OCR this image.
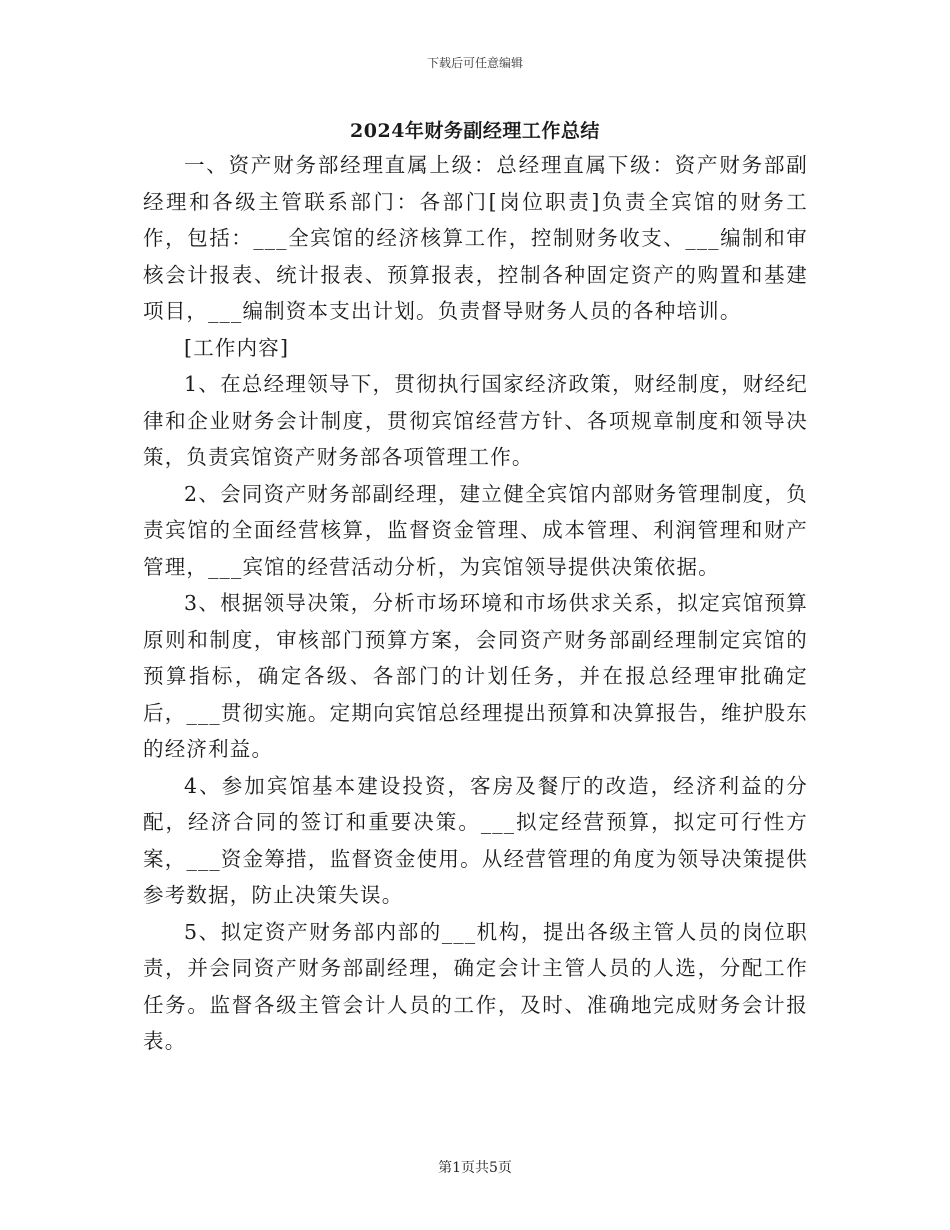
下载后可任意编辑
2024年财务副经理工作总结

一、资产财务部经理直属上级：总经理直属下级：资产财务部副经理和各级主管联系部门：各部门[岗位职责]负责全宾馆的财务工作，包括：___全宾馆的经济核算工作，控制财务收支、___编制和审核会计报表、统计报表、预算报表，控制各种固定资产的购置和基建项目，___编制资本支出计划。负责督导财务人员的各种培训。

[工作内容]

1、在总经理领导下，贯彻执行国家经济政策，财经制度，财经纪律和企业财务会计制度，贯彻宾馆经营方针、各项规章制度和领导决策，负责宾馆资产财务部各项管理工作。

2、会同资产财务部副经理，建立健全宾馆内部财务管理制度，负责宾馆的全面经营核算，监督资金管理、成本管理、利润管理和财产管理，___宾馆的经营活动分析，为宾馆领导提供决策依据。

3、根据领导决策，分析市场环境和市场供求关系，拟定宾馆预算原则和制度，审核部门预算方案，会同资产财务部副经理制定宾馆的预算指标，确定各级、各部门的计划任务，并在报总经理审批确定后，___贯彻实施。定期向宾馆总经理提出预算和决算报告，维护股东的经济利益。

4、参加宾馆基本建设投资，客房及餐厅的改造，经济利益的分配，经济合同的签订和重要决策。___拟定经营预算，拟定可行性方案，___资金筹措，监督资金使用。从经营管理的角度为领导决策提供参考数据，防止决策失误。

5、拟定资产财务部内部的___机构，提出各级主管人员的岗位职责，并会同资产财务部副经理，确定会计主管人员的人选，分配工作任务。监督各级主管会计人员的工作，及时、准确地完成财务会计报表。

第1页共5页
